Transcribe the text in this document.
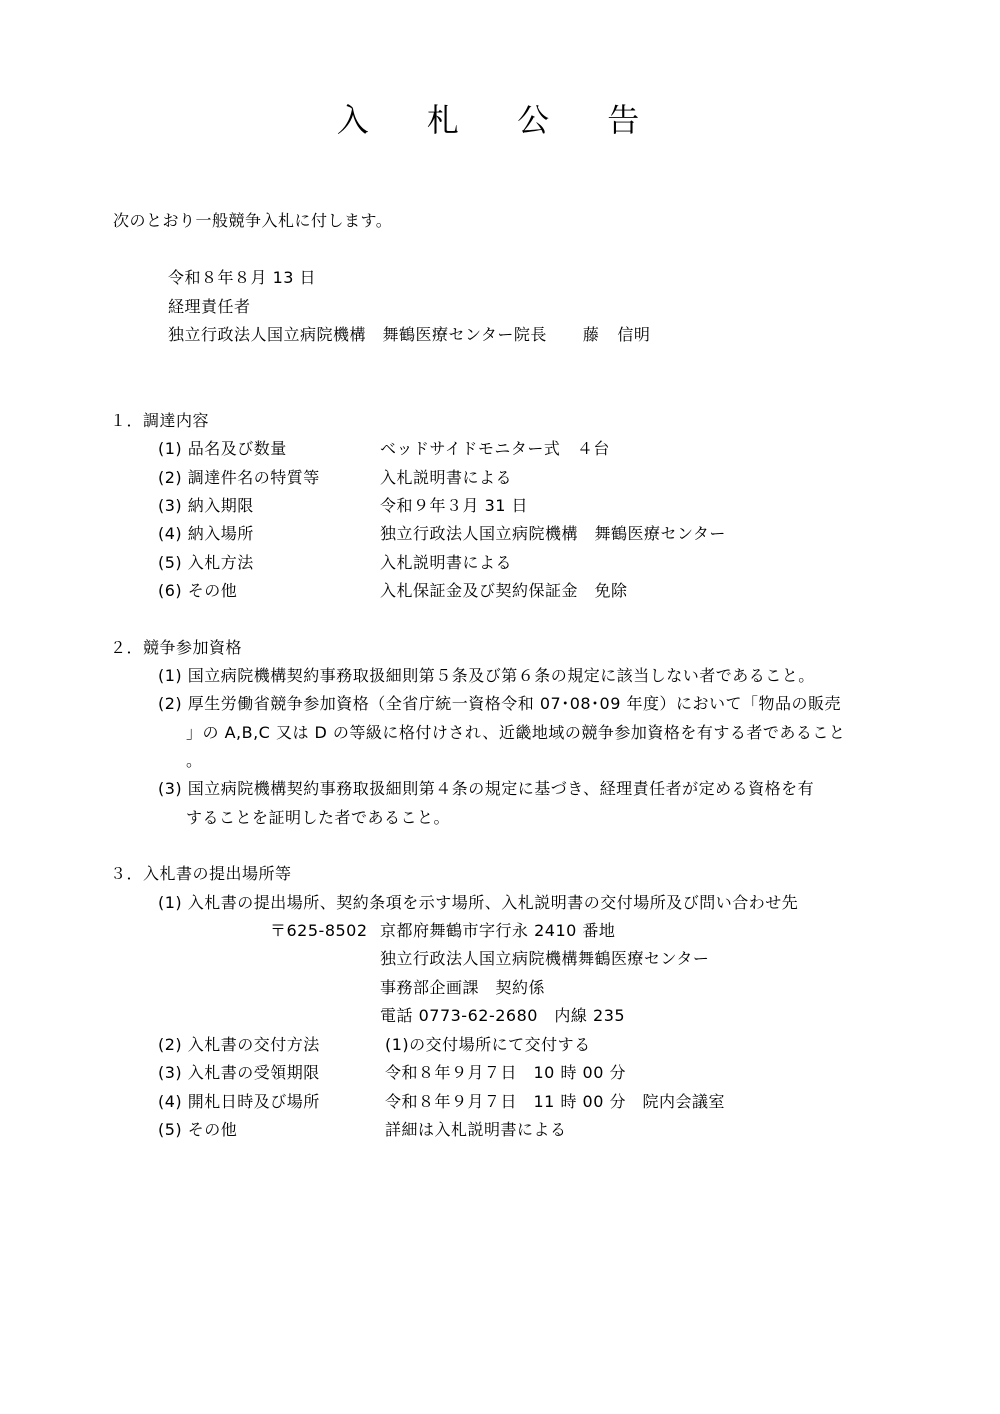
入 札 公 告
次のとおり一般競争入札に付します。
令和８年８月 13 日
経理責任者
独立行政法人国立病院機構　舞鶴医療センター院長 藤 信明
１．調達内容
(1) 品名及び数量	ベッドサイドモニター式　４台
(2) 調達件名の特質等	入札説明書による
(3) 納入期限	令和９年３月 31 日
(4) 納入場所	独立行政法人国立病院機構　舞鶴医療センター
(5) 入札方法	入札説明書による
(6) その他	入札保証金及び契約保証金　免除
２．競争参加資格
(1) 国立病院機構契約事務取扱細則第５条及び第６条の規定に該当しない者であること。
(2) 厚生労働省競争参加資格（全省庁統一資格令和 07･08･09 年度）において「物品の販売
」の A,B,C 又は D の等級に格付けされ、近畿地域の競争参加資格を有する者であること
。
(3) 国立病院機構契約事務取扱細則第４条の規定に基づき、経理責任者が定める資格を有
することを証明した者であること。
３．入札書の提出場所等
(1) 入札書の提出場所、契約条項を示す場所、入札説明書の交付場所及び問い合わせ先
〒625-8502 京都府舞鶴市字行永 2410 番地
独立行政法人国立病院機構舞鶴医療センター
事務部企画課　契約係
電話 0773-62-2680　内線 235
(2) 入札書の交付方法	(1)の交付場所にて交付する
(3) 入札書の受領期限	令和８年９月７日　10 時 00 分
(4) 開札日時及び場所	令和８年９月７日　11 時 00 分　院内会議室
(5) その他	詳細は入札説明書による
